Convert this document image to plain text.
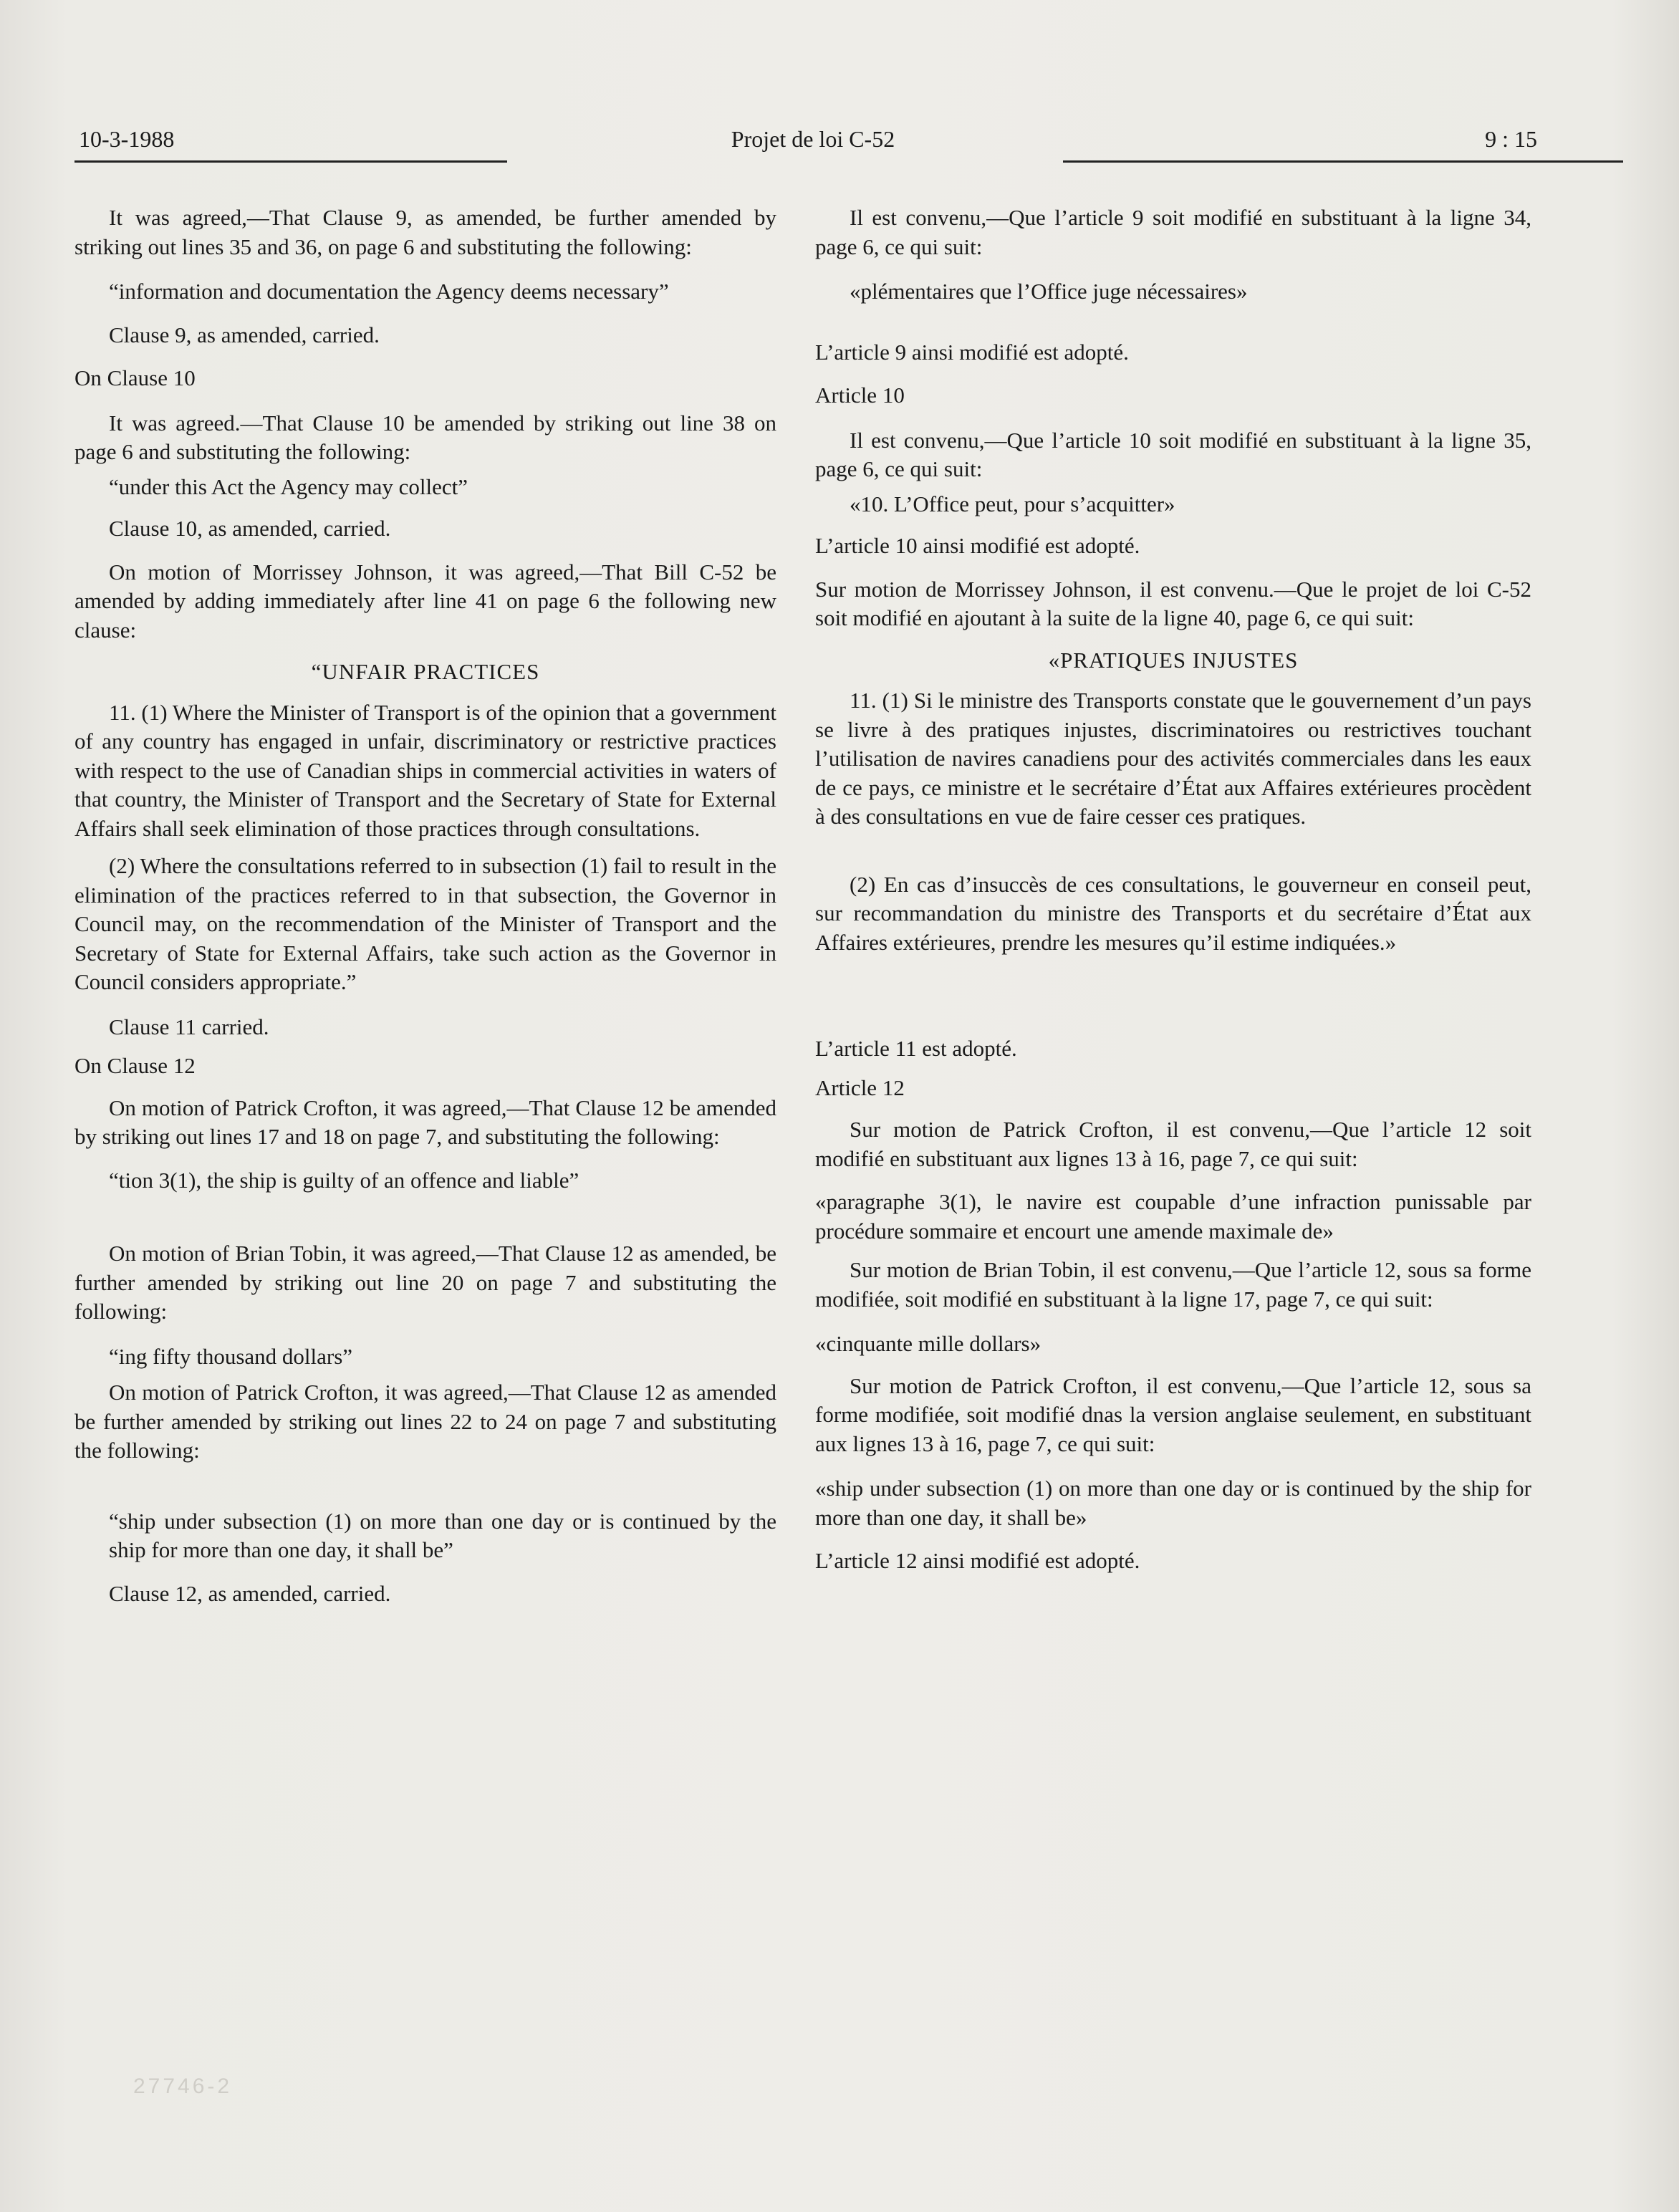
10-3-1988	Projet de loi C-52	9 : 15

It was agreed,—That Clause 9, as amended, be further amended by striking out lines 35 and 36, on page 6 and substituting the following:

“information and documentation the Agency deems necessary”

Clause 9, as amended, carried.

On Clause 10

It was agreed.—That Clause 10 be amended by striking out line 38 on page 6 and substituting the following:

“under this Act the Agency may collect”

Clause 10, as amended, carried.

On motion of Morrissey Johnson, it was agreed,—That Bill C-52 be amended by adding immediately after line 41 on page 6 the following new clause:

“UNFAIR PRACTICES

11. (1) Where the Minister of Transport is of the opinion that a government of any country has engaged in unfair, discriminatory or restrictive practices with respect to the use of Canadian ships in commercial activities in waters of that country, the Minister of Transport and the Secretary of State for External Affairs shall seek elimination of those practices through consultations.

(2) Where the consultations referred to in subsection (1) fail to result in the elimination of the practices referred to in that subsection, the Governor in Council may, on the recommendation of the Minister of Transport and the Secretary of State for External Affairs, take such action as the Governor in Council considers appropriate.”

Clause 11 carried.

On Clause 12

On motion of Patrick Crofton, it was agreed,—That Clause 12 be amended by striking out lines 17 and 18 on page 7, and substituting the following:

“tion 3(1), the ship is guilty of an offence and liable”

On motion of Brian Tobin, it was agreed,—That Clause 12 as amended, be further amended by striking out line 20 on page 7 and substituting the following:

“ing fifty thousand dollars”

On motion of Patrick Crofton, it was agreed,—That Clause 12 as amended be further amended by striking out lines 22 to 24 on page 7 and substituting the following:

“ship under subsection (1) on more than one day or is continued by the ship for more than one day, it shall be”

Clause 12, as amended, carried.

Il est convenu,—Que l’article 9 soit modifié en substituant à la ligne 34, page 6, ce qui suit:

«plémentaires que l’Office juge nécessaires»

L’article 9 ainsi modifié est adopté.

Article 10

Il est convenu,—Que l’article 10 soit modifié en substituant à la ligne 35, page 6, ce qui suit:

«10. L’Office peut, pour s’acquitter»

L’article 10 ainsi modifié est adopté.

Sur motion de Morrissey Johnson, il est convenu.—Que le projet de loi C-52 soit modifié en ajoutant à la suite de la ligne 40, page 6, ce qui suit:

«PRATIQUES INJUSTES

11. (1) Si le ministre des Transports constate que le gouvernement d’un pays se livre à des pratiques injustes, discriminatoires ou restrictives touchant l’utilisation de navires canadiens pour des activités commerciales dans les eaux de ce pays, ce ministre et le secrétaire d’État aux Affaires extérieures procèdent à des consultations en vue de faire cesser ces pratiques.

(2) En cas d’insuccès de ces consultations, le gouverneur en conseil peut, sur recommandation du ministre des Transports et du secrétaire d’État aux Affaires extérieures, prendre les mesures qu’il estime indiquées.»

L’article 11 est adopté.

Article 12

Sur motion de Patrick Crofton, il est convenu,—Que l’article 12 soit modifié en substituant aux lignes 13 à 16, page 7, ce qui suit:

«paragraphe 3(1), le navire est coupable d’une infraction punissable par procédure sommaire et encourt une amende maximale de»

Sur motion de Brian Tobin, il est convenu,—Que l’article 12, sous sa forme modifiée, soit modifié en substituant à la ligne 17, page 7, ce qui suit:

«cinquante mille dollars»

Sur motion de Patrick Crofton, il est convenu,—Que l’article 12, sous sa forme modifiée, soit modifié dnas la version anglaise seulement, en substituant aux lignes 13 à 16, page 7, ce qui suit:

«ship under subsection (1) on more than one day or is continued by the ship for more than one day, it shall be»

L’article 12 ainsi modifié est adopté.

27746-2
